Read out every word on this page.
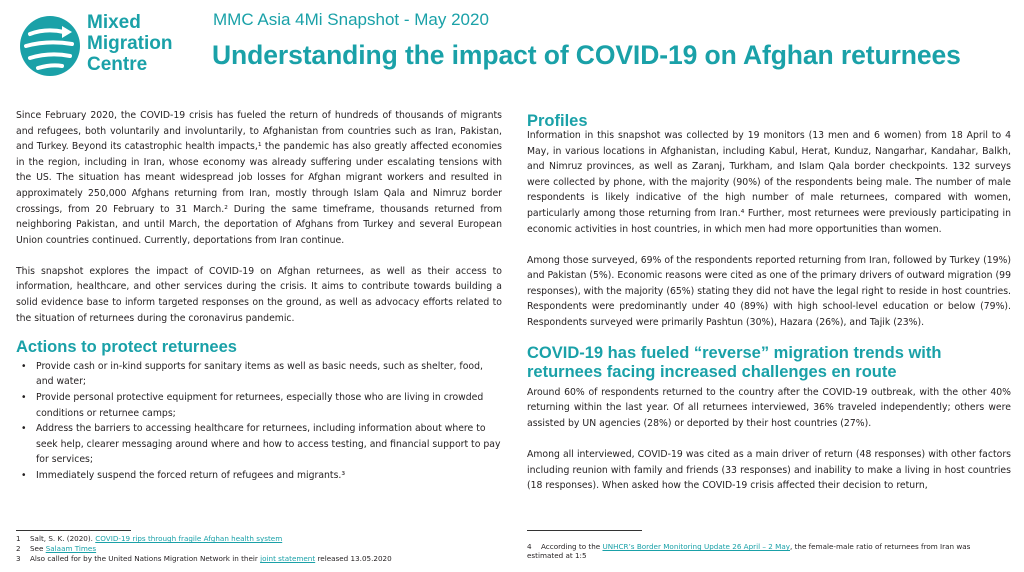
Mixed
Migration
Centre
MMC Asia 4Mi Snapshot - May 2020
Understanding the impact of COVID-19 on Afghan returnees

Since February 2020, the COVID-19 crisis has fueled the return of hundreds of thousands of migrants and refugees, both voluntarily and involuntarily, to Afghanistan from countries such as Iran, Pakistan, and Turkey. Beyond its catastrophic health impacts,¹ the pandemic has also greatly affected economies in the region, including in Iran, whose economy was already suffering under escalating tensions with the US. The situation has meant widespread job losses for Afghan migrant workers and resulted in approximately 250,000 Afghans returning from Iran, mostly through Islam Qala and Nimruz border crossings, from 20 February to 31 March.² During the same timeframe, thousands returned from neighboring Pakistan, and until March, the deportation of Afghans from Turkey and several European Union countries continued. Currently, deportations from Iran continue.

This snapshot explores the impact of COVID-19 on Afghan returnees, as well as their access to information, healthcare, and other services during the crisis. It aims to contribute towards building a solid evidence base to inform targeted responses on the ground, as well as advocacy efforts related to the situation of returnees during the coronavirus pandemic.

Actions to protect returnees
• Provide cash or in-kind supports for sanitary items as well as basic needs, such as shelter, food, and water;
• Provide personal protective equipment for returnees, especially those who are living in crowded conditions or returnee camps;
• Address the barriers to accessing healthcare for returnees, including information about where to seek help, clearer messaging around where and how to access testing, and financial support to pay for services;
• Immediately suspend the forced return of refugees and migrants.³

Information in this snapshot was collected by 19 monitors (13 men and 6 women) from 18 April to 4 May, in various locations in Afghanistan, including Kabul, Herat, Kunduz, Nangarhar, Kandahar, Balkh, and Nimruz provinces, as well as Zaranj, Turkham, and Islam Qala border checkpoints. 132 surveys were collected by phone, with the majority (90%) of the respondents being male. The number of male respondents is likely indicative of the high number of male returnees, compared with women, particularly among those returning from Iran.⁴ Further, most returnees were previously participating in economic activities in host countries, in which men had more opportunities than women.

Among those surveyed, 69% of the respondents reported returning from Iran, followed by Turkey (19%) and Pakistan (5%). Economic reasons were cited as one of the primary drivers of outward migration (99 responses), with the majority (65%) stating they did not have the legal right to reside in host countries. Respondents were predominantly under 40 (89%) with high school-level education or below (79%). Respondents surveyed were primarily Pashtun (30%), Hazara (26%), and Tajik (23%).

COVID-19 has fueled “reverse” migration trends with returnees facing increased challenges en route

Around 60% of respondents returned to the country after the COVID-19 outbreak, with the other 40% returning within the last year. Of all returnees interviewed, 36% traveled independently; others were assisted by UN agencies (28%) or deported by their host countries (27%).

Among all interviewed, COVID-19 was cited as a main driver of return (48 responses) with other factors including reunion with family and friends (33 responses) and inability to make a living in host countries (18 responses). When asked how the COVID-19 crisis affected their decision to return,

Profiles
1 Salt, S. K. (2020). COVID-19 rips through fragile Afghan health system
2 See Salaam Times
3 Also called for by the United Nations Migration Network in their joint statement released 13.05.2020
4 According to the UNHCR’s Border Monitoring Update 26 April – 2 May, the female-male ratio of returnees from Iran was estimated at 1:5
